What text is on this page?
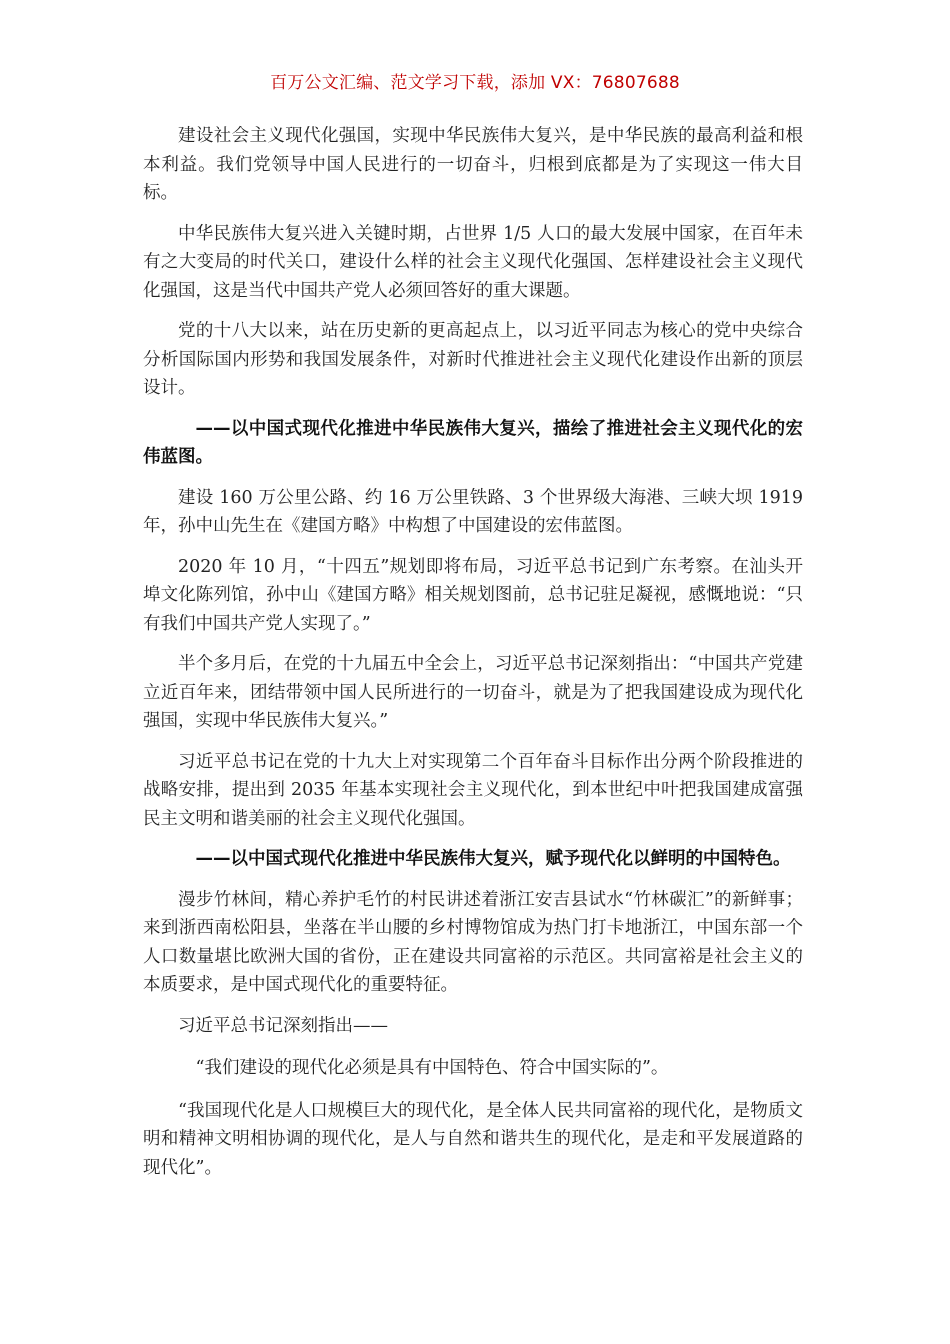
百万公文汇编、范文学习下载，添加 VX：76807688

建设社会主义现代化强国，实现中华民族伟大复兴，是中华民族的最高利益和根本利益。我们党领导中国人民进行的一切奋斗，归根到底都是为了实现这一伟大目标。

中华民族伟大复兴进入关键时期，占世界 1/5 人口的最大发展中国家，在百年未有之大变局的时代关口，建设什么样的社会主义现代化强国、怎样建设社会主义现代化强国，这是当代中国共产党人必须回答好的重大课题。

党的十八大以来，站在历史新的更高起点上，以习近平同志为核心的党中央综合分析国际国内形势和我国发展条件，对新时代推进社会主义现代化建设作出新的顶层设计。

——以中国式现代化推进中华民族伟大复兴，描绘了推进社会主义现代化的宏伟蓝图。

建设 160 万公里公路、约 16 万公里铁路、3 个世界级大海港、三峡大坝 1919 年，孙中山先生在《建国方略》中构想了中国建设的宏伟蓝图。

2020 年 10 月，“十四五”规划即将布局，习近平总书记到广东考察。在汕头开埠文化陈列馆，孙中山《建国方略》相关规划图前，总书记驻足凝视，感慨地说：“只有我们中国共产党人实现了。”

半个多月后，在党的十九届五中全会上，习近平总书记深刻指出：“中国共产党建立近百年来，团结带领中国人民所进行的一切奋斗，就是为了把我国建设成为现代化强国，实现中华民族伟大复兴。”

习近平总书记在党的十九大上对实现第二个百年奋斗目标作出分两个阶段推进的战略安排，提出到 2035 年基本实现社会主义现代化，到本世纪中叶把我国建成富强民主文明和谐美丽的社会主义现代化强国。

——以中国式现代化推进中华民族伟大复兴，赋予现代化以鲜明的中国特色。

漫步竹林间，精心养护毛竹的村民讲述着浙江安吉县试水“竹林碳汇”的新鲜事；来到浙西南松阳县，坐落在半山腰的乡村博物馆成为热门打卡地浙江，中国东部一个人口数量堪比欧洲大国的省份，正在建设共同富裕的示范区。共同富裕是社会主义的本质要求，是中国式现代化的重要特征。

习近平总书记深刻指出——

“我们建设的现代化必须是具有中国特色、符合中国实际的”。

“我国现代化是人口规模巨大的现代化，是全体人民共同富裕的现代化，是物质文明和精神文明相协调的现代化，是人与自然和谐共生的现代化，是走和平发展道路的现代化”。
